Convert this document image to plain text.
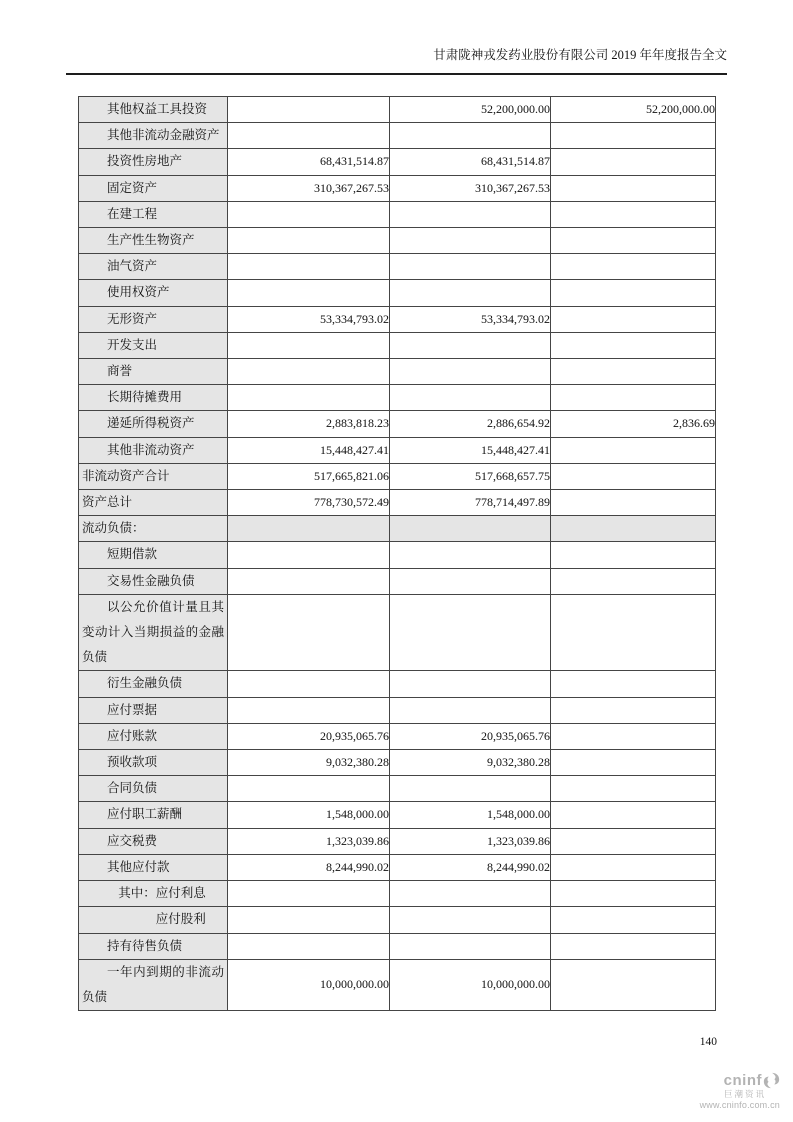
甘肃陇神戎发药业股份有限公司 2019 年年度报告全文
其他权益工具投资		52,200,000.00	52,200,000.00

其他非流动金融资产			

投资性房地产	68,431,514.87	68,431,514.87	

固定资产	310,367,267.53	310,367,267.53	

在建工程			

生产性生物资产			

油气资产			

使用权资产			

无形资产	53,334,793.02	53,334,793.02	

开发支出			

商誉			

长期待摊费用			

递延所得税资产	2,883,818.23	2,886,654.92	2,836.69

其他非流动资产	15,448,427.41	15,448,427.41	

非流动资产合计	517,665,821.06	517,668,657.75	

资产总计	778,730,572.49	778,714,497.89	

流动负债：			

短期借款			

交易性金融负债			

以公允价值计量且其变动计入当期损益的金融负债			

衍生金融负债			

应付票据			

应付账款	20,935,065.76	20,935,065.76	

预收款项	9,032,380.28	9,032,380.28	

合同负债			

应付职工薪酬	1,548,000.00	1,548,000.00	

应交税费	1,323,039.86	1,323,039.86	

其他应付款	8,244,990.02	8,244,990.02	

其中：应付利息			

应付股利			

持有待售负债			

一年内到期的非流动负债	10,000,000.00	10,000,000.00	
140
cninf
巨潮资讯
www.cninfo.com.cn
